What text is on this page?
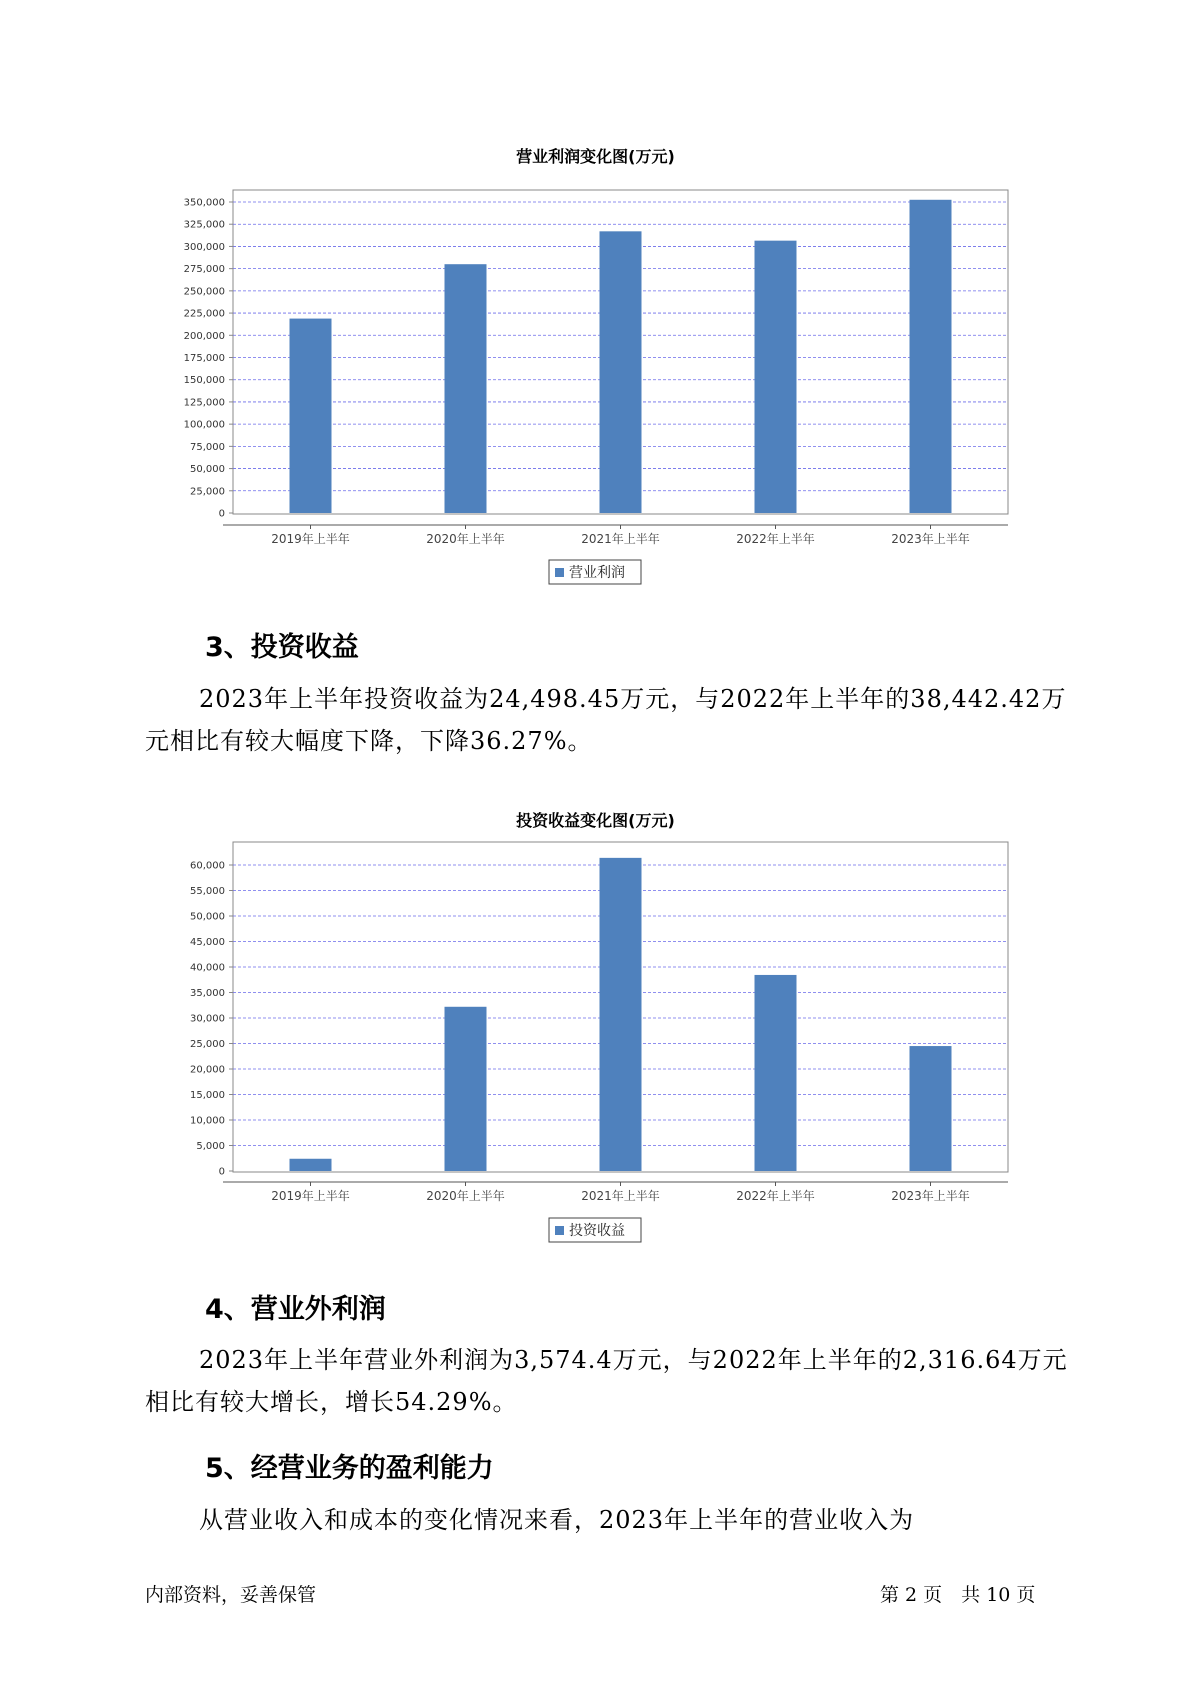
营业利润变化图(万元)
0
25,000
50,000
75,000
100,000
125,000
150,000
175,000
200,000
225,000
250,000
275,000
300,000
325,000
350,000
2019年上半年	2020年上半年	2021年上半年	2022年上半年	2023年上半年
营业利润
3、投资收益
2023年上半年投资收益为24,498.45万元，与2022年上半年的38,442.42万元相比有较大幅度下降，下降36.27%。
投资收益变化图(万元)
0
5,000
10,000
15,000
20,000
25,000
30,000
35,000
40,000
45,000
50,000
55,000
60,000
2019年上半年	2020年上半年	2021年上半年	2022年上半年	2023年上半年
投资收益
4、营业外利润
2023年上半年营业外利润为3,574.4万元，与2022年上半年的2,316.64万元相比有较大增长，增长54.29%。
5、经营业务的盈利能力
从营业收入和成本的变化情况来看，2023年上半年的营业收入为
内部资料，妥善保管	第 2 页　共 10 页
